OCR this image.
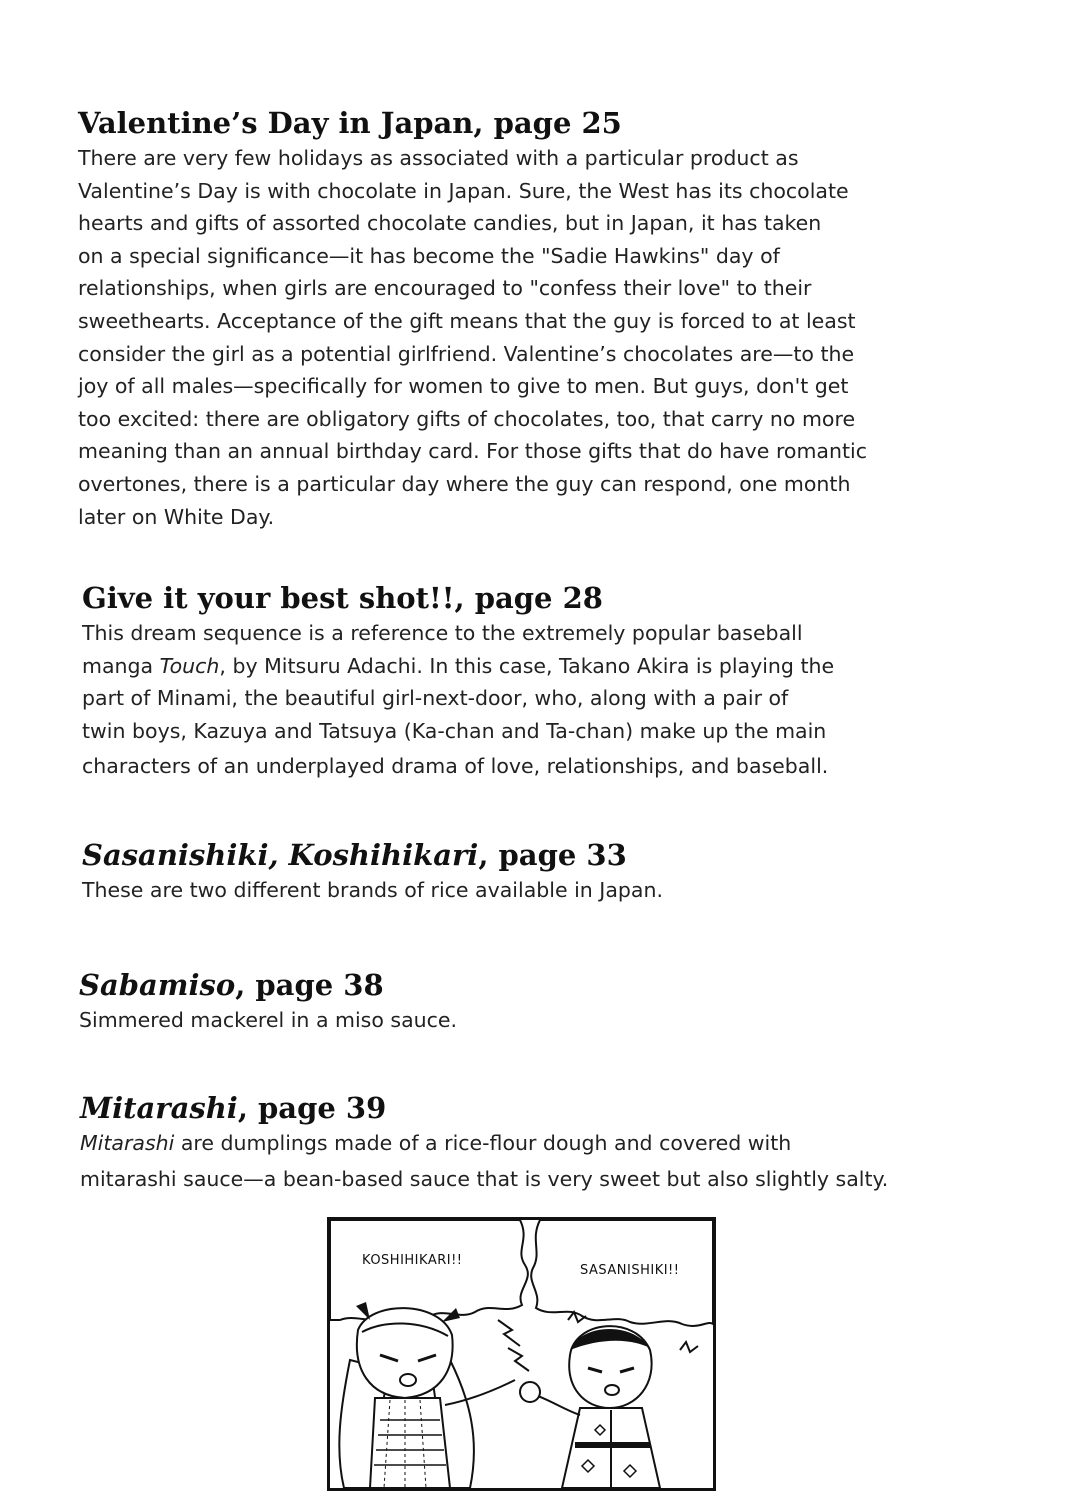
Valentine’s Day in Japan, page 25
There are very few holidays as associated with a particular product as
Valentine’s Day is with chocolate in Japan. Sure, the West has its chocolate
hearts and gifts of assorted chocolate candies, but in Japan, it has taken
on a special significance—it has become the "Sadie Hawkins" day of
relationships, when girls are encouraged to "confess their love" to their
sweethearts. Acceptance of the gift means that the guy is forced to at least
consider the girl as a potential girlfriend. Valentine’s chocolates are—to the
joy of all males—specifically for women to give to men. But guys, don't get
too excited: there are obligatory gifts of chocolates, too, that carry no more
meaning than an annual birthday card. For those gifts that do have romantic
overtones, there is a particular day where the guy can respond, one month
later on White Day.
Give it your best shot!!, page 28
This dream sequence is a reference to the extremely popular baseball
manga Touch, by Mitsuru Adachi. In this case, Takano Akira is playing the
part of Minami, the beautiful girl-next-door, who, along with a pair of
twin boys, Kazuya and Tatsuya (Ka-chan and Ta-chan) make up the main
characters of an underplayed drama of love, relationships, and baseball.
Sasanishiki, Koshihikari, page 33
These are two different brands of rice available in Japan.
Sabamiso, page 38
Simmered mackerel in a miso sauce.
Mitarashi, page 39
Mitarashi are dumplings made of a rice-flour dough and covered with
mitarashi sauce—a bean-based sauce that is very sweet but also slightly salty.
KOSHIHIKARI!!
SASANISHIKI!!
